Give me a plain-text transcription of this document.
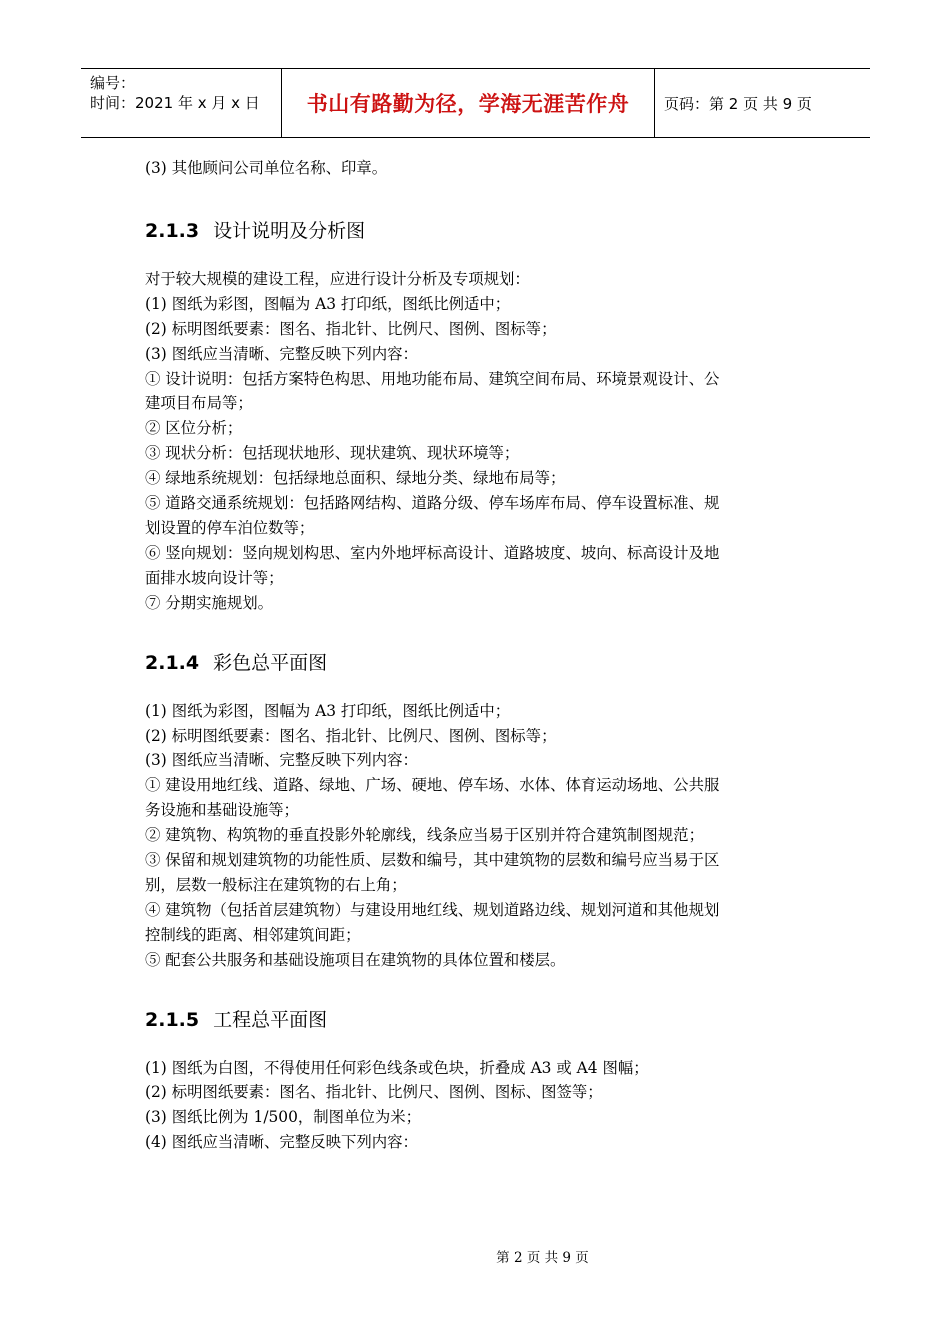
编号：
时间：2021 年 x 月 x 日	书山有路勤为径，学海无涯苦作舟	页码：第 2 页 共 9 页
(3) 其他顾问公司单位名称、印章。
2.1.3 设计说明及分析图
对于较大规模的建设工程，应进行设计分析及专项规划：
(1) 图纸为彩图，图幅为 A3 打印纸，图纸比例适中；
(2) 标明图纸要素：图名、指北针、比例尺、图例、图标等；
(3) 图纸应当清晰、完整反映下列内容：
① 设计说明：包括方案特色构思、用地功能布局、建筑空间布局、环境景观设计、公
建项目布局等；
② 区位分析；
③ 现状分析：包括现状地形、现状建筑、现状环境等；
④ 绿地系统规划：包括绿地总面积、绿地分类、绿地布局等；
⑤ 道路交通系统规划：包括路网结构、道路分级、停车场库布局、停车设置标准、规
划设置的停车泊位数等；
⑥ 竖向规划：竖向规划构思、室内外地坪标高设计、道路坡度、坡向、标高设计及地
面排水坡向设计等；
⑦ 分期实施规划。
2.1.4 彩色总平面图
(1) 图纸为彩图，图幅为 A3 打印纸，图纸比例适中；
(2) 标明图纸要素：图名、指北针、比例尺、图例、图标等；
(3) 图纸应当清晰、完整反映下列内容：
① 建设用地红线、道路、绿地、广场、硬地、停车场、水体、体育运动场地、公共服
务设施和基础设施等；
② 建筑物、构筑物的垂直投影外轮廓线，线条应当易于区别并符合建筑制图规范；
③ 保留和规划建筑物的功能性质、层数和编号，其中建筑物的层数和编号应当易于区
别，层数一般标注在建筑物的右上角；
④ 建筑物（包括首层建筑物）与建设用地红线、规划道路边线、规划河道和其他规划
控制线的距离、相邻建筑间距；
⑤ 配套公共服务和基础设施项目在建筑物的具体位置和楼层。
2.1.5 工程总平面图
(1) 图纸为白图，不得使用任何彩色线条或色块，折叠成 A3 或 A4 图幅；
(2) 标明图纸要素：图名、指北针、比例尺、图例、图标、图签等；
(3) 图纸比例为 1/500，制图单位为米；
(4) 图纸应当清晰、完整反映下列内容：
第 2 页 共 9 页
